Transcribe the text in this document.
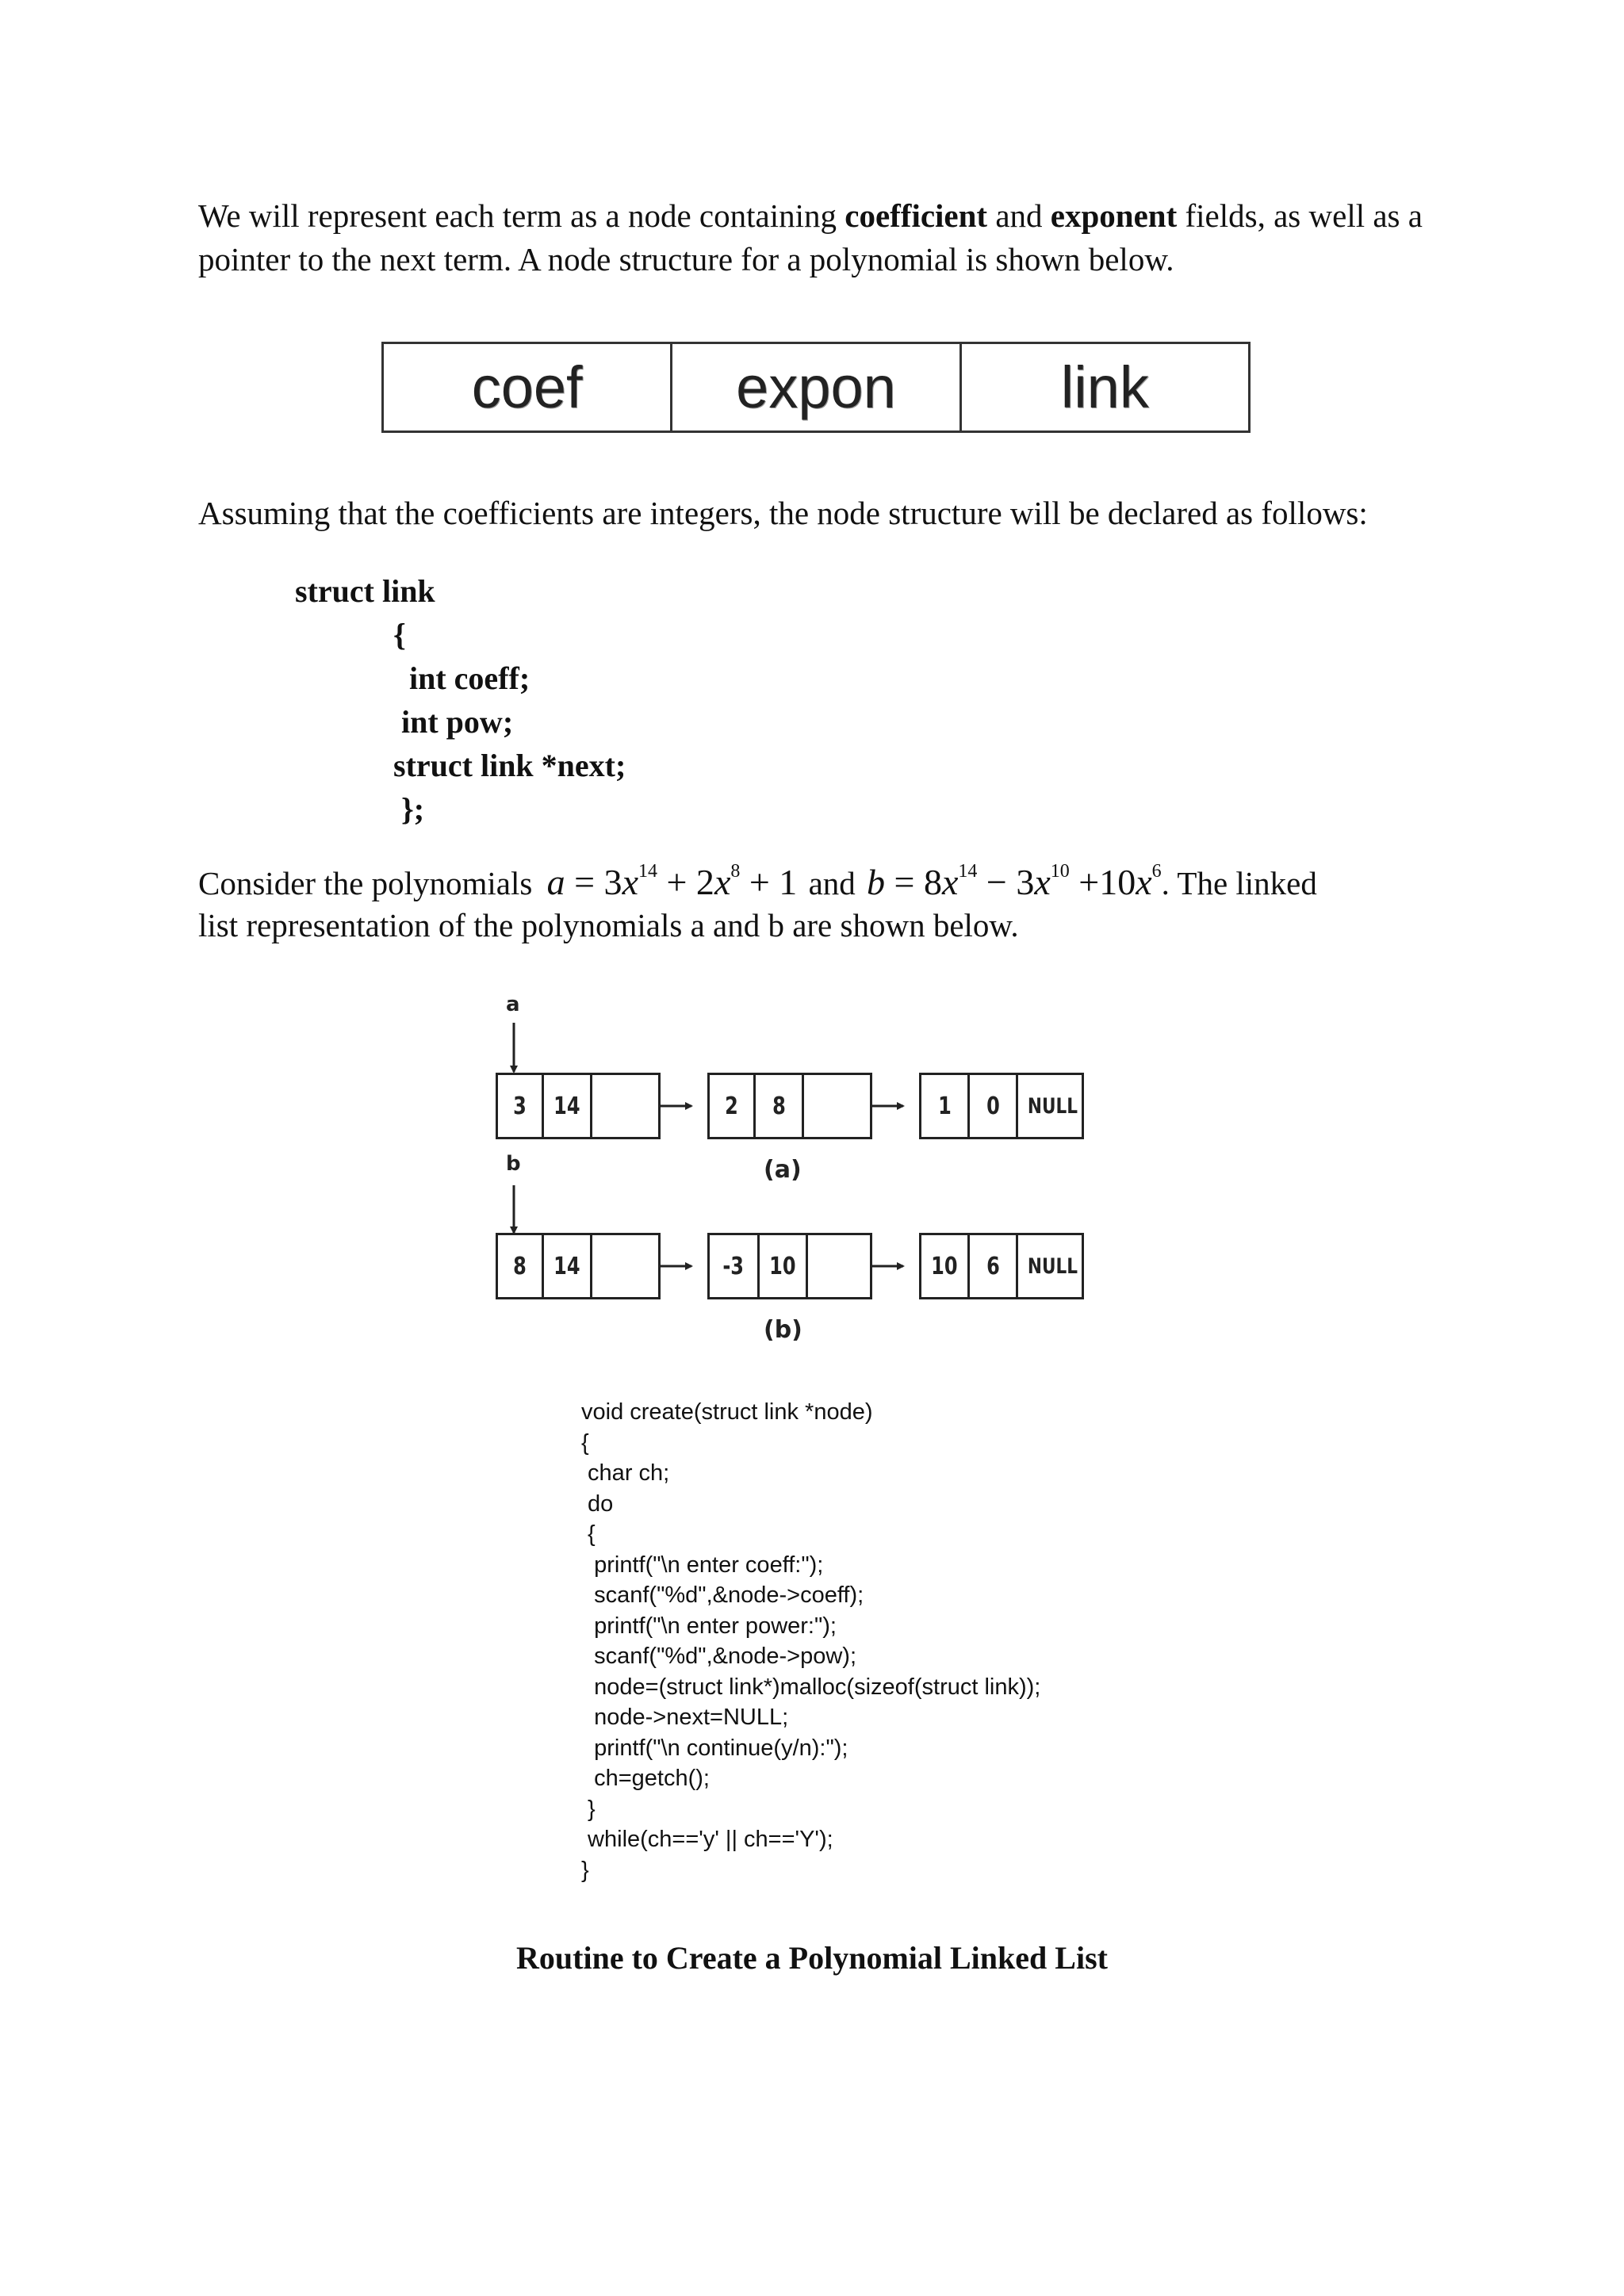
We will represent each term as a node containing coefficient and exponent fields, as well as a pointer to the next term. A node structure for a polynomial is shown below.
coef	expon	link
Assuming that the coefficients are integers, the node structure will be declared as follows:
struct link
{
int coeff;
int pow;
struct link *next;
};
Consider the polynomials $a = 3x^{14} + 2x^8 + 1$ and $b = 8x^{14} - 3x^{10} +10x^6$. The linked
list representation of the polynomials a and b are shown below.
a
b
3 14	2 8	1 0 NULL
(a)
8 14	-3 10	10 6 NULL
(b)
void create(struct link *node)
{
char ch;
do
{
printf("\n enter coeff:");
scanf("%d",&node->coeff);
printf("\n enter power:");
scanf("%d",&node->pow);
node=(struct link*)malloc(sizeof(struct link));
node->next=NULL;
printf("\n continue(y/n):");
ch=getch();
}
while(ch=='y' || ch=='Y');
}
Routine to Create a Polynomial Linked List
